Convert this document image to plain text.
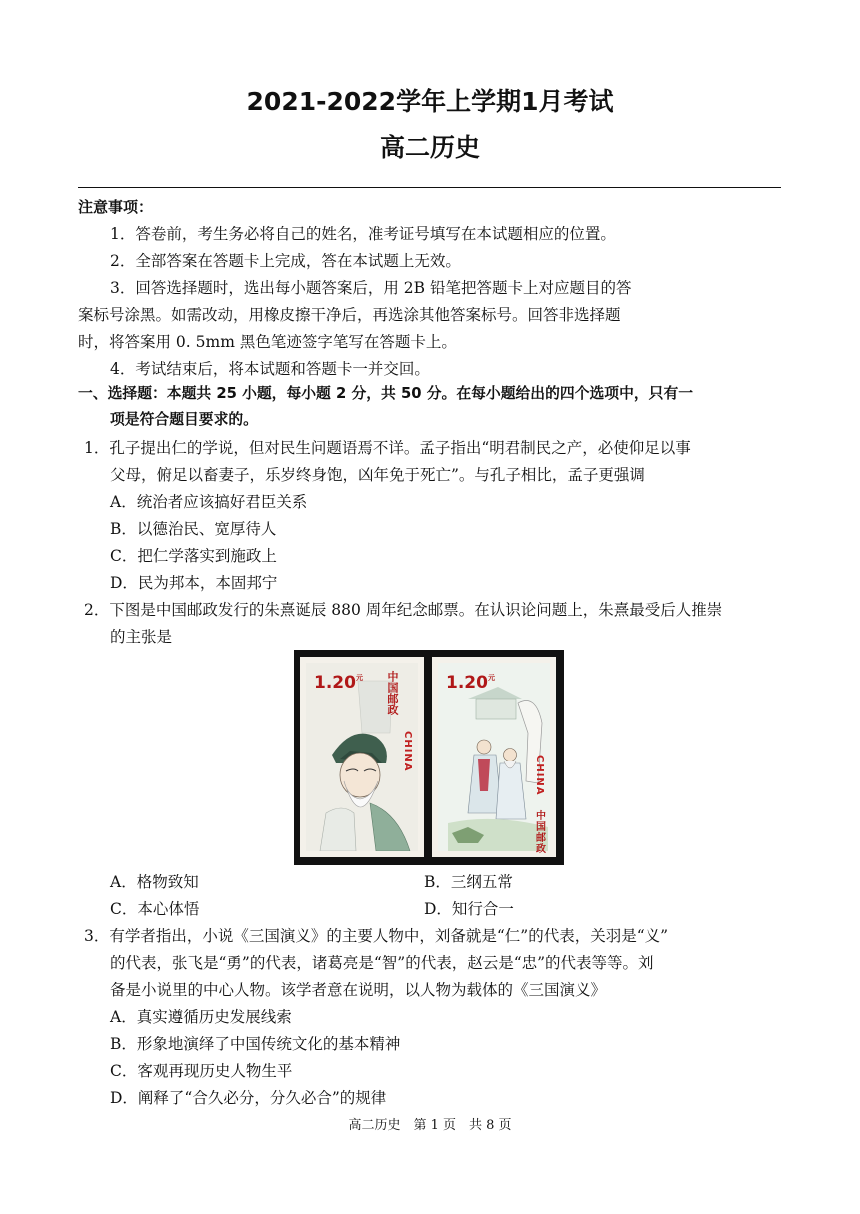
2021-2022学年上学期1月考试
高二历史
注意事项：
1．答卷前，考生务必将自己的姓名，准考证号填写在本试题相应的位置。
2．全部答案在答题卡上完成，答在本试题上无效。
3．回答选择题时，选出每小题答案后，用 2B 铅笔把答题卡上对应题目的答
案标号涂黑。如需改动，用橡皮擦干净后，再选涂其他答案标号。回答非选择题
时，将答案用 0. 5mm 黑色笔迹签字笔写在答题卡上。
4．考试结束后，将本试题和答题卡一并交回。
一、选择题：本题共 25 小题，每小题 2 分，共 50 分。在每小题给出的四个选项中，只有一
项是符合题目要求的。
1．孔子提出仁的学说，但对民生问题语焉不详。孟子指出“明君制民之产，必使仰足以事
父母，俯足以畜妻子，乐岁终身饱，凶年免于死亡”。与孔子相比，孟子更强调
A．统治者应该搞好君臣关系
B．以德治民、宽厚待人
C．把仁学落实到施政上
D．民为邦本，本固邦宁
2．下图是中国邮政发行的朱熹诞辰 880 周年纪念邮票。在认识论问题上，朱熹最受后人推崇
的主张是
$1.20^元$ 中国邮政
CHINA

$1.20^元$
中国邮政
CHINA
A．格物致知	B．三纲五常
C．本心体悟	D．知行合一
3．有学者指出，小说《三国演义》的主要人物中，刘备就是“仁”的代表，关羽是“义”
的代表，张飞是“勇”的代表，诸葛亮是“智”的代表，赵云是“忠”的代表等等。刘
备是小说里的中心人物。该学者意在说明，以人物为载体的《三国演义》
A．真实遵循历史发展线索
B．形象地演绎了中国传统文化的基本精神
C．客观再现历史人物生平
D．阐释了“合久必分，分久必合”的规律
高二历史　第 1 页　共 8 页
